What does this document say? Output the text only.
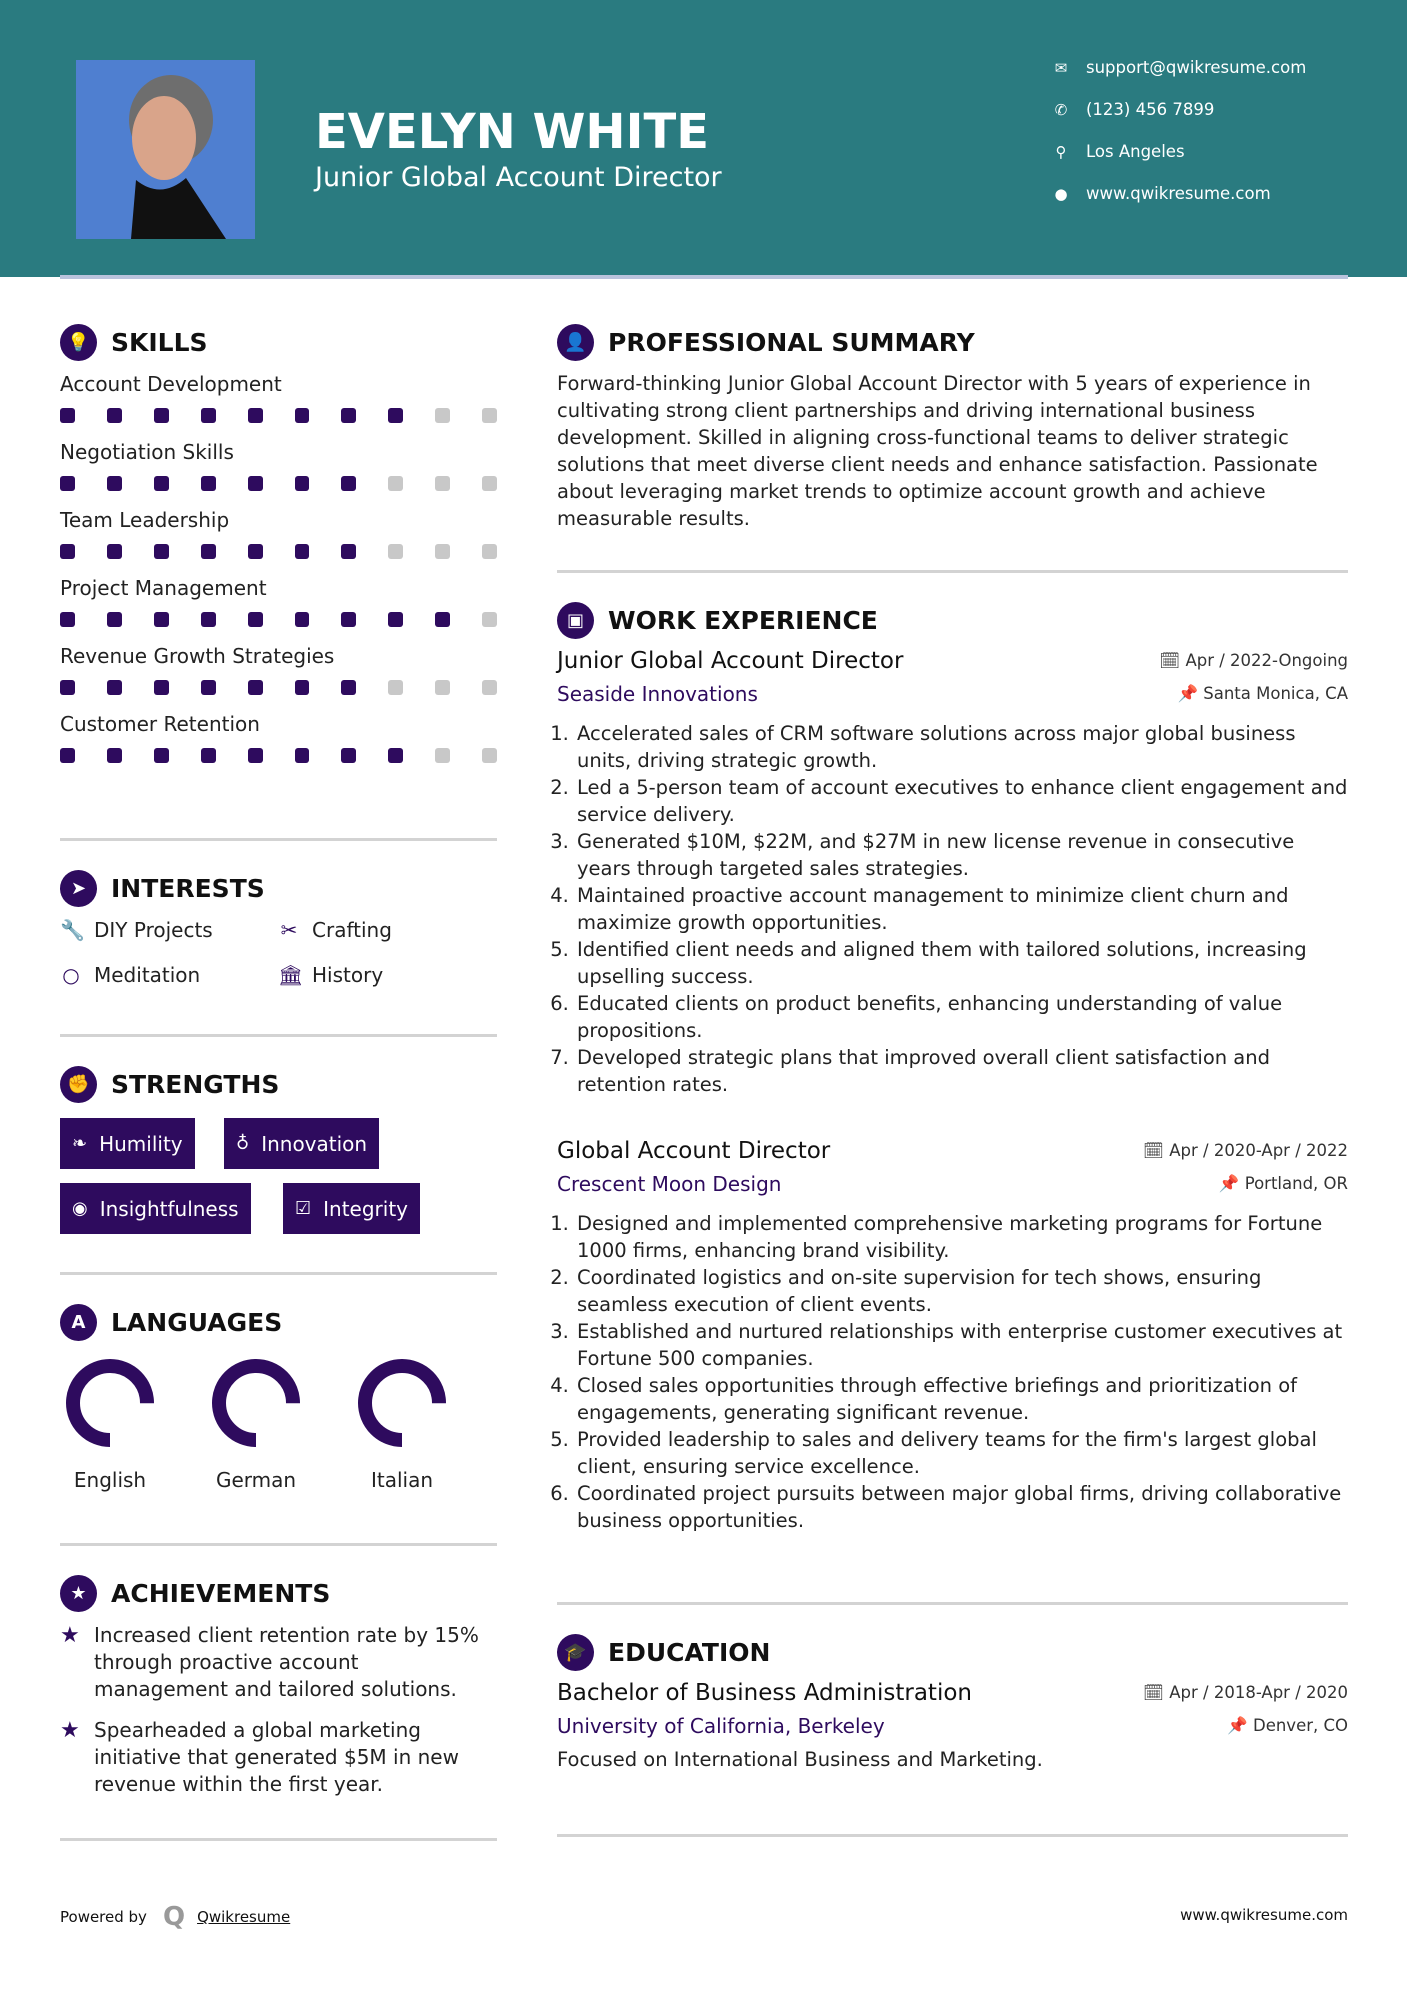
EVELYN WHITE
Junior Global Account Director
✉ support@qwikresume.com
✆ (123) 456 7899
⚲ Los Angeles
● www.qwikresume.com
💡 SKILLS
Account Development
Negotiation Skills
Team Leadership
Project Management
Revenue Growth Strategies
Customer Retention
➤ INTERESTS
🔧 DIY Projects	✂ Crafting
○ Meditation	🏛 History
✊ STRENGTHS
❧ Humility	♁ Innovation
◉ Insightfulness	☑ Integrity
A	LANGUAGES
English	German	Italian
★ ACHIEVEMENTS
★ Increased client retention rate by 15% through proactive account management and tailored solutions.
★ Spearheaded a global marketing initiative that generated $5M in new revenue within the first year.
👤 PROFESSIONAL SUMMARY
Forward-thinking Junior Global Account Director with 5 years of experience in cultivating strong client partnerships and driving international business development. Skilled in aligning cross-functional teams to deliver strategic solutions that meet diverse client needs and enhance satisfaction. Passionate about leveraging market trends to optimize account growth and achieve measurable results.
▣ WORK EXPERIENCE
Junior Global Account Director	🗓 Apr / 2022-Ongoing
Seaside Innovations	📌 Santa Monica, CA
1. Accelerated sales of CRM software solutions across major global business units, driving strategic growth.
2. Led a 5-person team of account executives to enhance client engagement and service delivery.
3. Generated $10M, $22M, and $27M in new license revenue in consecutive years through targeted sales strategies.
4. Maintained proactive account management to minimize client churn and maximize growth opportunities.
5. Identified client needs and aligned them with tailored solutions, increasing upselling success.
6. Educated clients on product benefits, enhancing understanding of value propositions.
7. Developed strategic plans that improved overall client satisfaction and retention rates.
Global Account Director	🗓 Apr / 2020-Apr / 2022
Crescent Moon Design	📌 Portland, OR
1. Designed and implemented comprehensive marketing programs for Fortune 1000 firms, enhancing brand visibility.
2. Coordinated logistics and on-site supervision for tech shows, ensuring seamless execution of client events.
3. Established and nurtured relationships with enterprise customer executives at Fortune 500 companies.
4. Closed sales opportunities through effective briefings and prioritization of engagements, generating significant revenue.
5. Provided leadership to sales and delivery teams for the firm's largest global client, ensuring service excellence.
6. Coordinated project pursuits between major global firms, driving collaborative business opportunities.
🎓 EDUCATION
Bachelor of Business Administration	🗓 Apr / 2018-Apr / 2020
University of California, Berkeley	📌 Denver, CO
Focused on International Business and Marketing.
Powered by Q Qwikresume	www.qwikresume.com
